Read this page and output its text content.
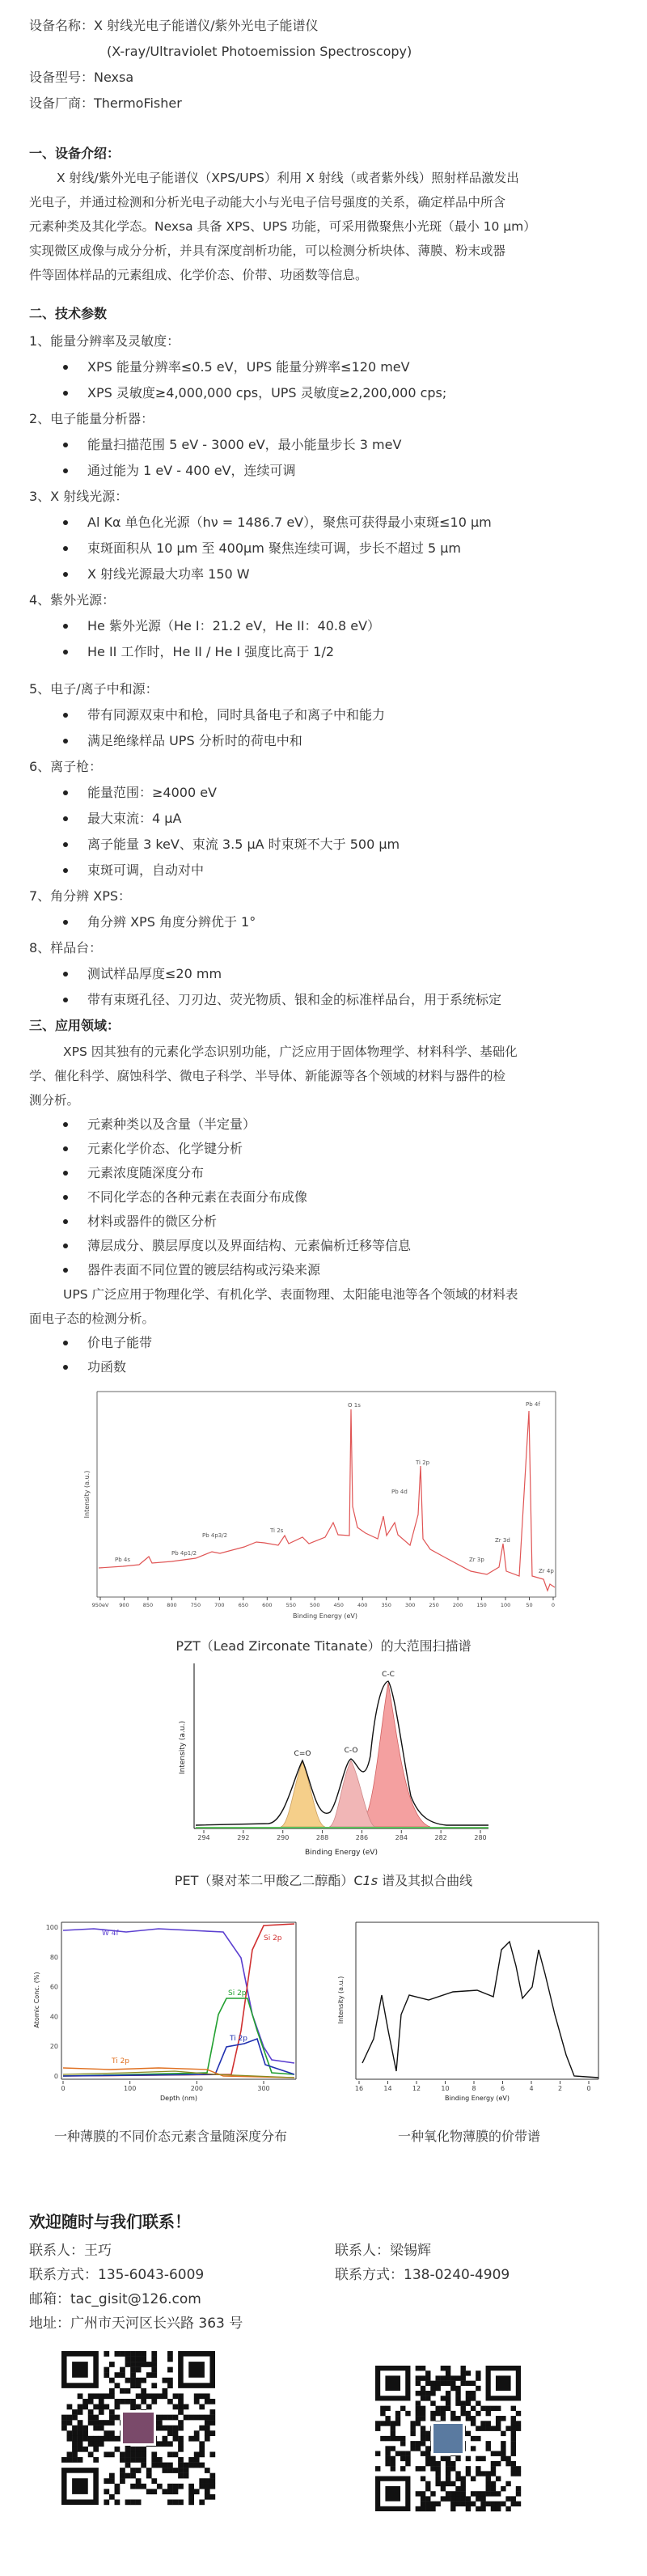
设备名称：X 射线光电子能谱仪/紫外光电子能谱仪
(X-ray/Ultraviolet Photoemission Spectroscopy)
设备型号：Nexsa
设备厂商：ThermoFisher
一、设备介绍：
X 射线/紫外光电子能谱仪（XPS/UPS）利用 X 射线（或者紫外线）照射样品激发出
光电子，并通过检测和分析光电子动能大小与光电子信号强度的关系，确定样品中所含
元素种类及其化学态。Nexsa 具备 XPS、UPS 功能，可采用微聚焦小光斑（最小 10 μm）
实现微区成像与成分分析，并具有深度剖析功能，可以检测分析块体、薄膜、粉末或器
件等固体样品的元素组成、化学价态、价带、功函数等信息。
二、技术参数
1、能量分辨率及灵敏度：
XPS 能量分辨率≤0.5 eV，UPS 能量分辨率≤120 meV
XPS 灵敏度≥4,000,000 cps，UPS 灵敏度≥2,200,000 cps;
2、电子能量分析器：
能量扫描范围 5 eV - 3000 eV，最小能量步长 3 meV
通过能为 1 eV - 400 eV，连续可调
3、X 射线光源：
Al Kα 单色化光源（hν = 1486.7 eV），聚焦可获得最小束斑≤10 μm
束斑面积从 10 μm 至 400μm 聚焦连续可调，步长不超过 5 μm
X 射线光源最大功率 150 W
4、紫外光源：
He 紫外光源（He I：21.2 eV，He II：40.8 eV）
He II 工作时，He II / He I 强度比高于 1/2
5、电子/离子中和源：
带有同源双束中和枪，同时具备电子和离子中和能力
满足绝缘样品 UPS 分析时的荷电中和
6、离子枪：
能量范围：≥4000 eV
最大束流：4 μA
离子能量 3 keV、束流 3.5 μA 时束斑不大于 500 μm
束斑可调，自动对中
7、角分辨 XPS：
角分辨 XPS 角度分辨优于 1°
8、样品台：
测试样品厚度≤20 mm
带有束斑孔径、刀刃边、荧光物质、银和金的标准样品台，用于系统标定
三、应用领域：
XPS 因其独有的元素化学态识别功能，广泛应用于固体物理学、材料科学、基础化
学、催化科学、腐蚀科学、微电子科学、半导体、新能源等各个领域的材料与器件的检
测分析。
元素种类以及含量（半定量）
元素化学价态、化学键分析
元素浓度随深度分布
不同化学态的各种元素在表面分布成像
材料或器件的微区分析
薄层成分、膜层厚度以及界面结构、元素偏析迁移等信息
器件表面不同位置的镀层结构或污染来源
UPS 广泛应用于物理化学、有机化学、表面物理、太阳能电池等各个领域的材料表
面电子态的检测分析。
价电子能带
功函数
Pb 4s
Pb 4p1/2
Pb 4p3/2
Ti 2s
O 1s
Ti 2p
Pb 4d
Zr 3p
Zr 3d
Pb 4f
Zr 4p
950eV 900	850	800	750	700	650	600	550	500	450	400	350	300	250	200	150	100	50	0
Binding Energy (eV)
Intensity (a.u.)
PZT（Lead Zirconate Titanate）的大范围扫描谱
C-C
C-O
C=O
294	292	290	288	286	284	282	280
Binding Energy (eV)
Intensity (a.u.)
PET（聚对苯二甲酸乙二醇酯）C1s 谱及其拟合曲线
W 4f
Si 2p
Si 2p
Ti 2p
Ti 2p
100
80
60
40
20
0
0	100	200	300
Depth (nm)
Atomic Conc. (%)
一种薄膜的不同价态元素含量随深度分布
16	14	12	10	8	6	4	2	0
Binding Energy (eV)
Intensity (a.u.)
一种氧化物薄膜的价带谱
欢迎随时与我们联系！
联系人：王巧
联系方式：135-6043-6009
邮箱：tac_gisit@126.com
地址：广州市天河区长兴路 363 号
联系人：梁锡辉
联系方式：138-0240-4909
